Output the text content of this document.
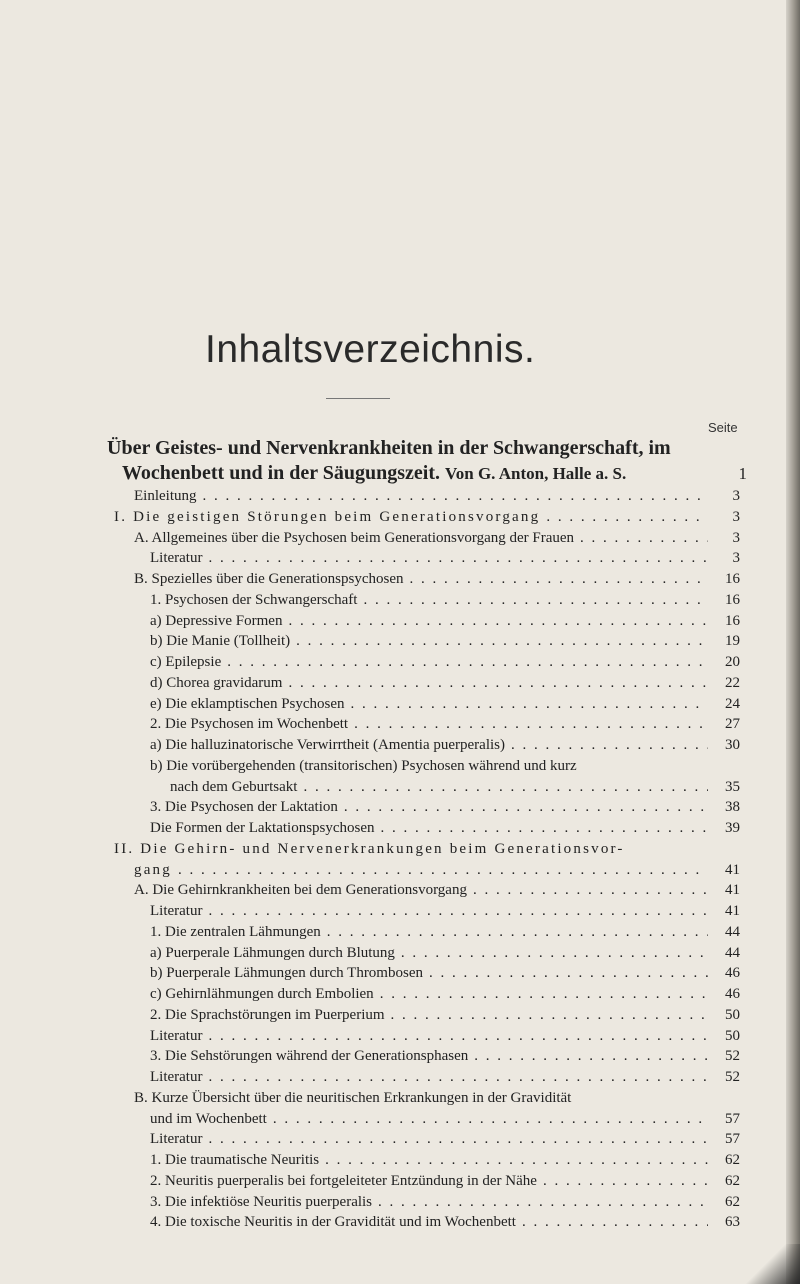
Inhaltsverzeichnis.
Seite
Über Geistes- und Nervenkrankheiten in der Schwangerschaft, im
Wochenbett und in der Säugungszeit.
Von G. Anton, Halle a. S.	1
Einleitung . . .	3
I. Die geistigen Störungen beim Generationsvorgang . . .	3
A. Allgemeines über die Psychosen beim Generationsvorgang der Frauen . . .	3
Literatur . . .	3
B. Spezielles über die Generationspsychosen . . .	16
1. Psychosen der Schwangerschaft . . .	16
a) Depressive Formen . . .	16
b) Die Manie (Tollheit) . . .	19
c) Epilepsie . . .	20
d) Chorea gravidarum . . .	22
e) Die eklamptischen Psychosen . . .	24
2. Die Psychosen im Wochenbett . . .	27
a) Die halluzinatorische Verwirrtheit (Amentia puerperalis) . . .	30
b) Die vorübergehenden (transitorischen) Psychosen während und kurz
nach dem Geburtsakt . . .	35
3. Die Psychosen der Laktation . . .	38
Die Formen der Laktationspsychosen . . .	39
II. Die Gehirn- und Nervenerkrankungen beim Generationsvor-
gang . . .	41
A. Die Gehirnkrankheiten bei dem Generationsvorgang . . .	41
Literatur . . .	41
1. Die zentralen Lähmungen . . .	44
a) Puerperale Lähmungen durch Blutung . . .	44
b) Puerperale Lähmungen durch Thrombosen . . .	46
c) Gehirnlähmungen durch Embolien . . .	46
2. Die Sprachstörungen im Puerperium . . .	50
Literatur . . .	50
3. Die Sehstörungen während der Generationsphasen . . .	52
Literatur . . .	52
B. Kurze Übersicht über die neuritischen Erkrankungen in der Gravidität
und im Wochenbett . . .	57
Literatur . . .	57
1. Die traumatische Neuritis . . .	62
2. Neuritis puerperalis bei fortgeleiteter Entzündung in der Nähe . . .	62
3. Die infektiöse Neuritis puerperalis . . .	62
4. Die toxische Neuritis in der Gravidität und im Wochenbett . . .	63
